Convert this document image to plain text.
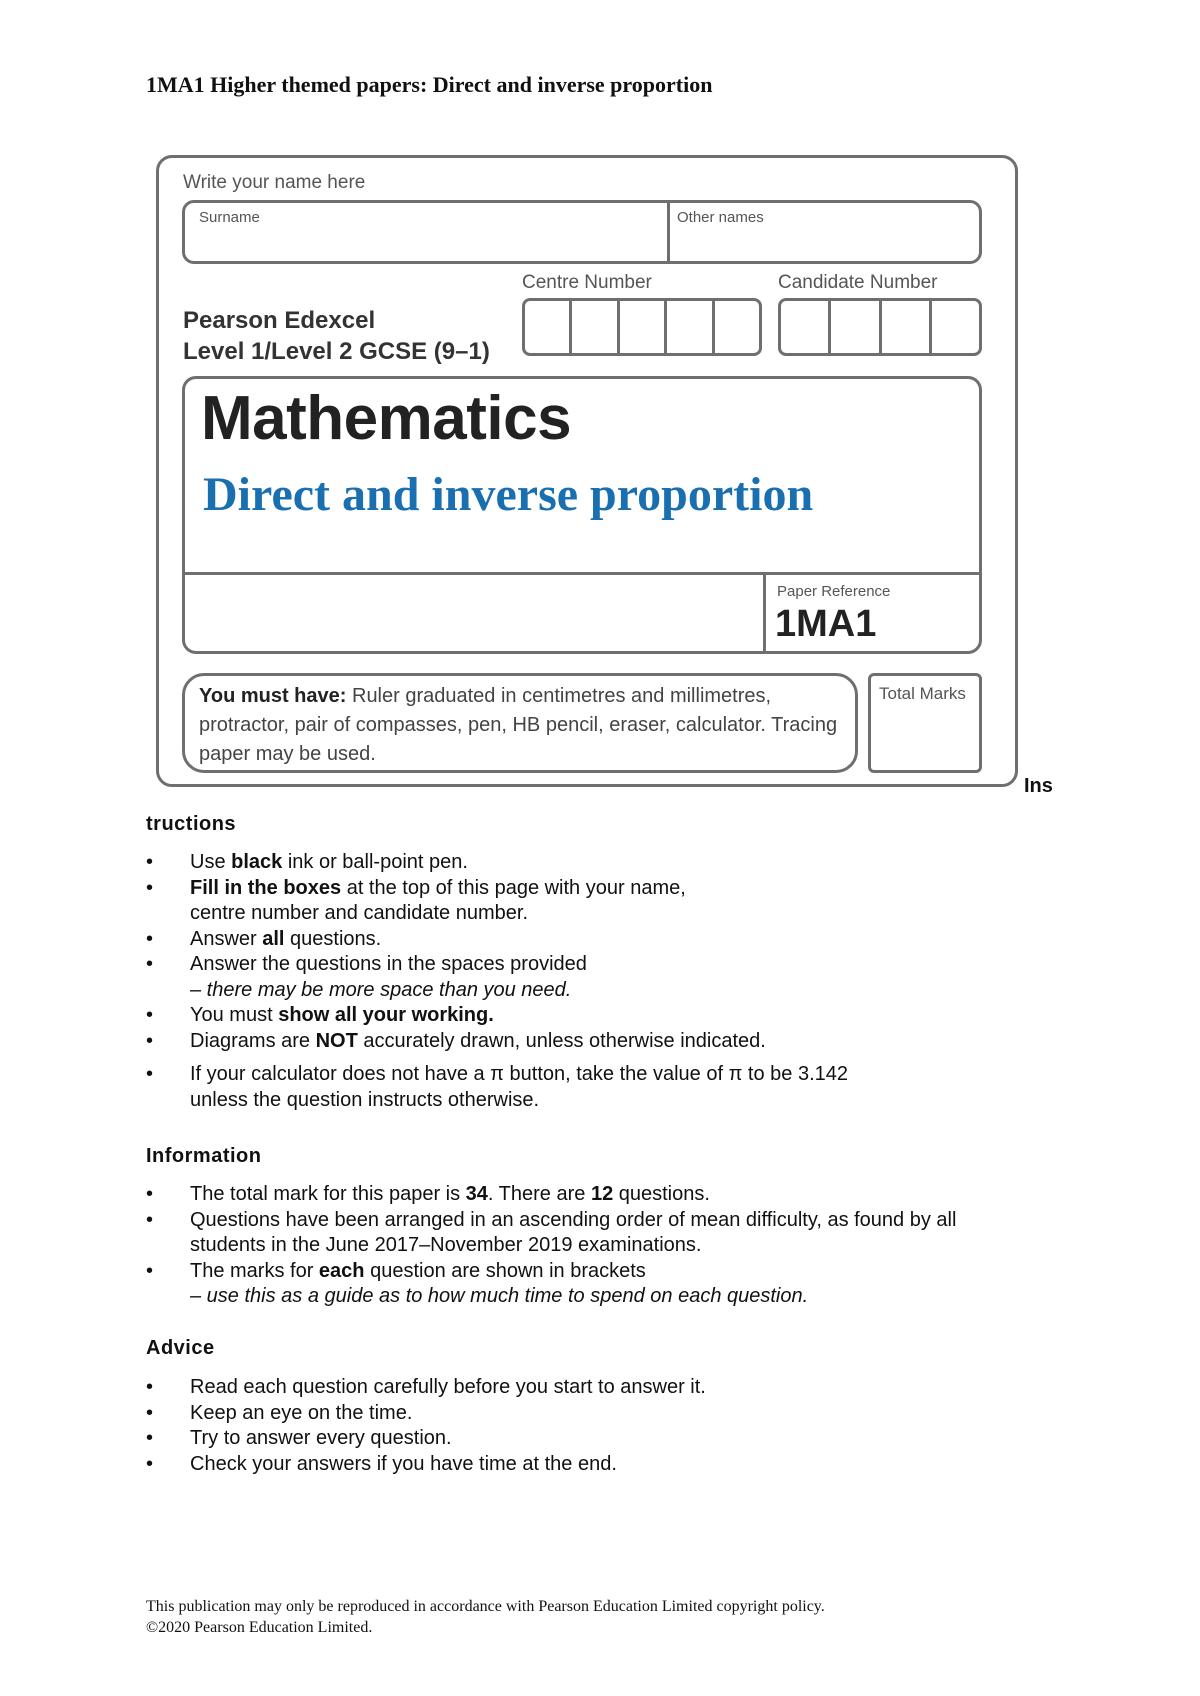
1MA1 Higher themed papers: Direct and inverse proportion
Write your name here
Surname	Other names
Centre Number	Candidate Number
Pearson Edexcel
Level 1/Level 2 GCSE (9–1)
Mathematics
Direct and inverse proportion
Paper Reference
1MA1
You must have: Ruler graduated in centimetres and millimetres, protractor, pair of compasses, pen, HB pencil, eraser, calculator. Tracing paper may be used.
Total Marks
Ins
tructions
• Use black ink or ball-point pen.
• Fill in the boxes at the top of this page with your name,
centre number and candidate number.
• Answer all questions.
• Answer the questions in the spaces provided
– there may be more space than you need.
• You must show all your working.
• Diagrams are NOT accurately drawn, unless otherwise indicated.
• If your calculator does not have a π button, take the value of π to be 3.142
unless the question instructs otherwise.
Information
• The total mark for this paper is 34. There are 12 questions.
• Questions have been arranged in an ascending order of mean difficulty, as found by all
students in the June 2017–November 2019 examinations.
• The marks for each question are shown in brackets
– use this as a guide as to how much time to spend on each question.
Advice
• Read each question carefully before you start to answer it.
• Keep an eye on the time.
• Try to answer every question.
• Check your answers if you have time at the end.
This publication may only be reproduced in accordance with Pearson Education Limited copyright policy.
©2020 Pearson Education Limited.
